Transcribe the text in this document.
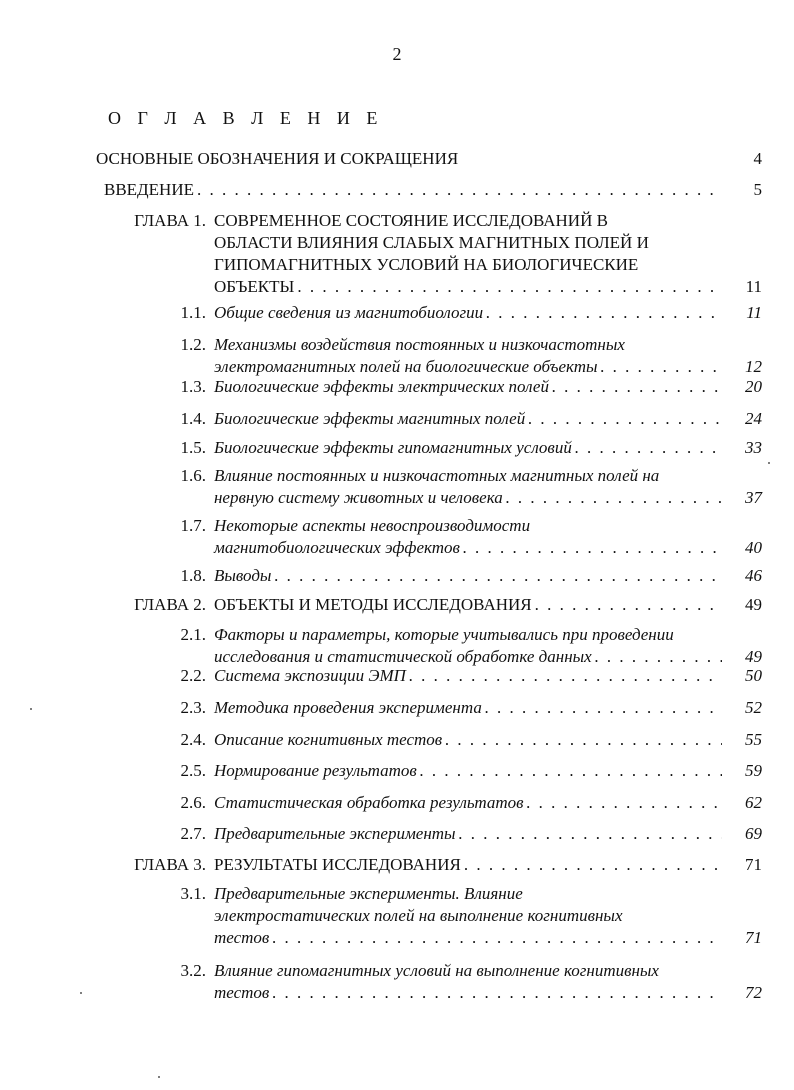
2
О Г Л А В Л Е Н И Е
ОСНОВНЫЕ ОБОЗНАЧЕНИЯ И СОКРАЩЕНИЯ	4
ВВЕДЕНИЕ . . .	5
ГЛАВА 1. СОВРЕМЕННОЕ СОСТОЯНИЕ ИССЛЕДОВАНИЙ В
ОБЛАСТИ ВЛИЯНИЯ СЛАБЫХ МАГНИТНЫХ ПОЛЕЙ И
ГИПОМАГНИТНЫХ УСЛОВИЙ НА БИОЛОГИЧЕСКИЕ
ОБЪЕКТЫ . . .	11
1.1. Общие сведения из магнитобиологии . . .	11
1.2. Механизмы воздействия постоянных и низкочастотных
электромагнитных полей на биологические объекты . . .	12
1.3. Биологические эффекты электрических полей . . .	20
1.4. Биологические эффекты магнитных полей . . .	24
1.5. Биологические эффекты гипомагнитных условий . . .	33
1.6. Влияние постоянных и низкочастотных магнитных полей на
нервную систему животных и человека . . .	37
1.7. Некоторые аспекты невоспроизводимости
магнитобиологических эффектов . . .	40
1.8. Выводы . . .	46
ГЛАВА 2. ОБЪЕКТЫ И МЕТОДЫ ИССЛЕДОВАНИЯ . . .	49
2.1. Факторы и параметры, которые учитывались при проведении
исследования и статистической обработке данных . . .	49
2.2. Система экспозиции ЭМП . . .	50
2.3. Методика проведения эксперимента . . .	52
2.4. Описание когнитивных тестов . . .	55
2.5. Нормирование результатов . . .	59
2.6. Статистическая обработка результатов . . .	62
2.7. Предварительные эксперименты . . .	69
ГЛАВА 3. РЕЗУЛЬТАТЫ ИССЛЕДОВАНИЯ . . .	71
3.1. Предварительные эксперименты. Влияние
электростатических полей на выполнение когнитивных
тестов . . .	71
3.2. Влияние гипомагнитных условий на выполнение когнитивных
тестов . . .	72
